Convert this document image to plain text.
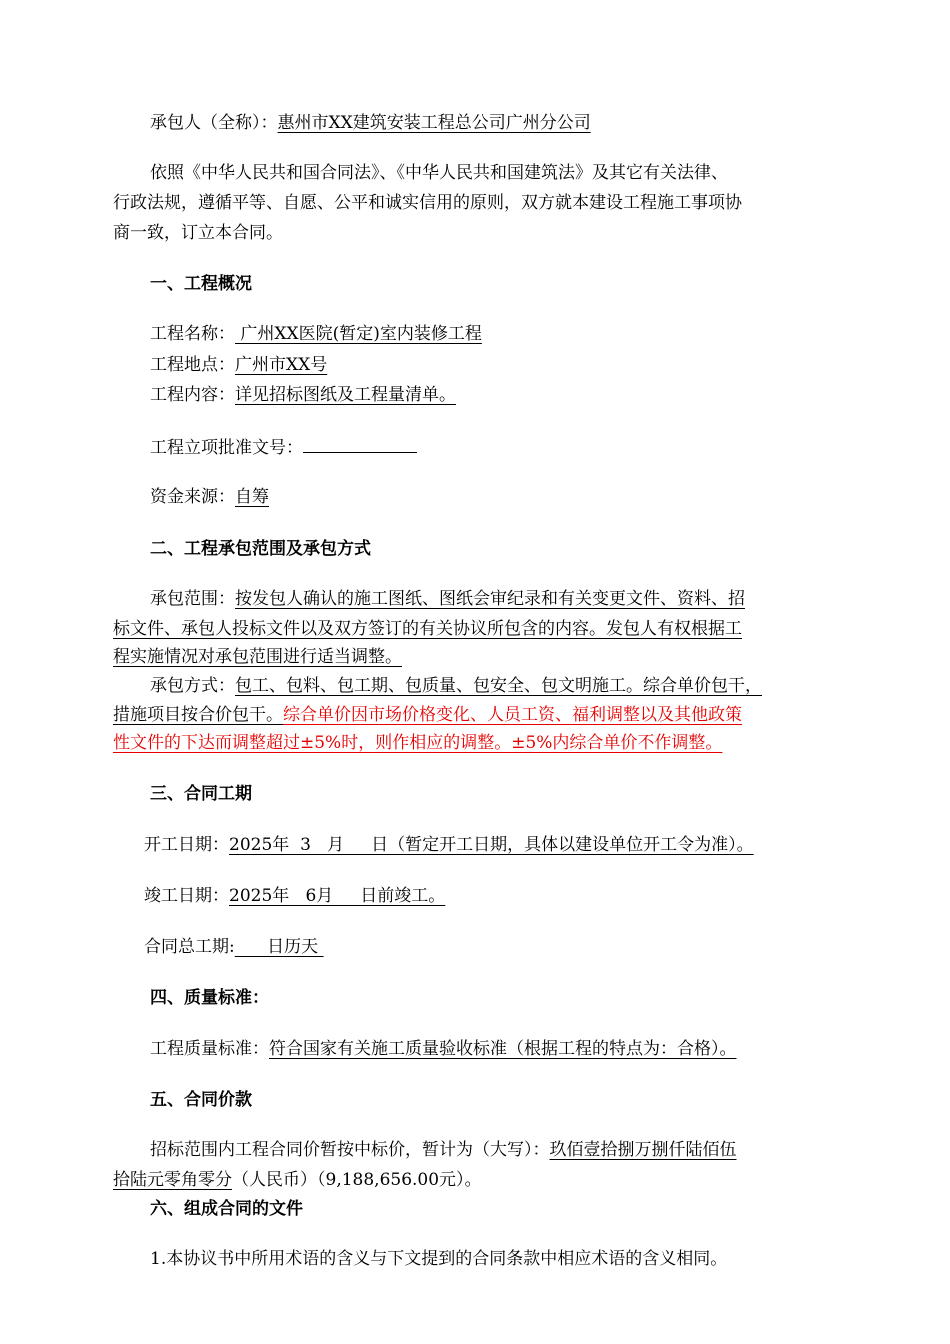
承包人（全称）：惠州市XX建筑安装工程总公司广州分公司
依照《中华人民共和国合同法》、《中华人民共和国建筑法》及其它有关法律、
行政法规，遵循平等、自愿、公平和诚实信用的原则，双方就本建设工程施工事项协
商一致，订立本合同。
一、工程概况
工程名称： 广州XX医院(暂定)室内装修工程
工程地点：广州市XX号
工程内容：详见招标图纸及工程量清单。
工程立项批准文号：
资金来源：自筹
二、工程承包范围及承包方式
承包范围：按发包人确认的施工图纸、图纸会审纪录和有关变更文件、资料、招
标文件、承包人投标文件以及双方签订的有关协议所包含的内容。发包人有权根据工
程实施情况对承包范围进行适当调整。
承包方式：包工、包料、包工期、包质量、包安全、包文明施工。综合单价包干，
措施项目按合价包干。综合单价因市场价格变化、人员工资、福利调整以及其他政策
性文件的下达而调整超过±5%时，则作相应的调整。±5%内综合单价不作调整。
三、合同工期
开工日期：2025年  3   月     日（暂定开工日期，具体以建设单位开工令为准）。
竣工日期：2025年   6月     日前竣工。
合同总工期:      日历天
四、质量标准：
工程质量标准：符合国家有关施工质量验收标准（根据工程的特点为：合格）。
五、合同价款
招标范围内工程合同价暂按中标价，暂计为（大写）：玖佰壹拾捌万捌仟陆佰伍
拾陆元零角零分（人民币）（9,188,656.00元）。
六、组成合同的文件
1.本协议书中所用术语的含义与下文提到的合同条款中相应术语的含义相同。
